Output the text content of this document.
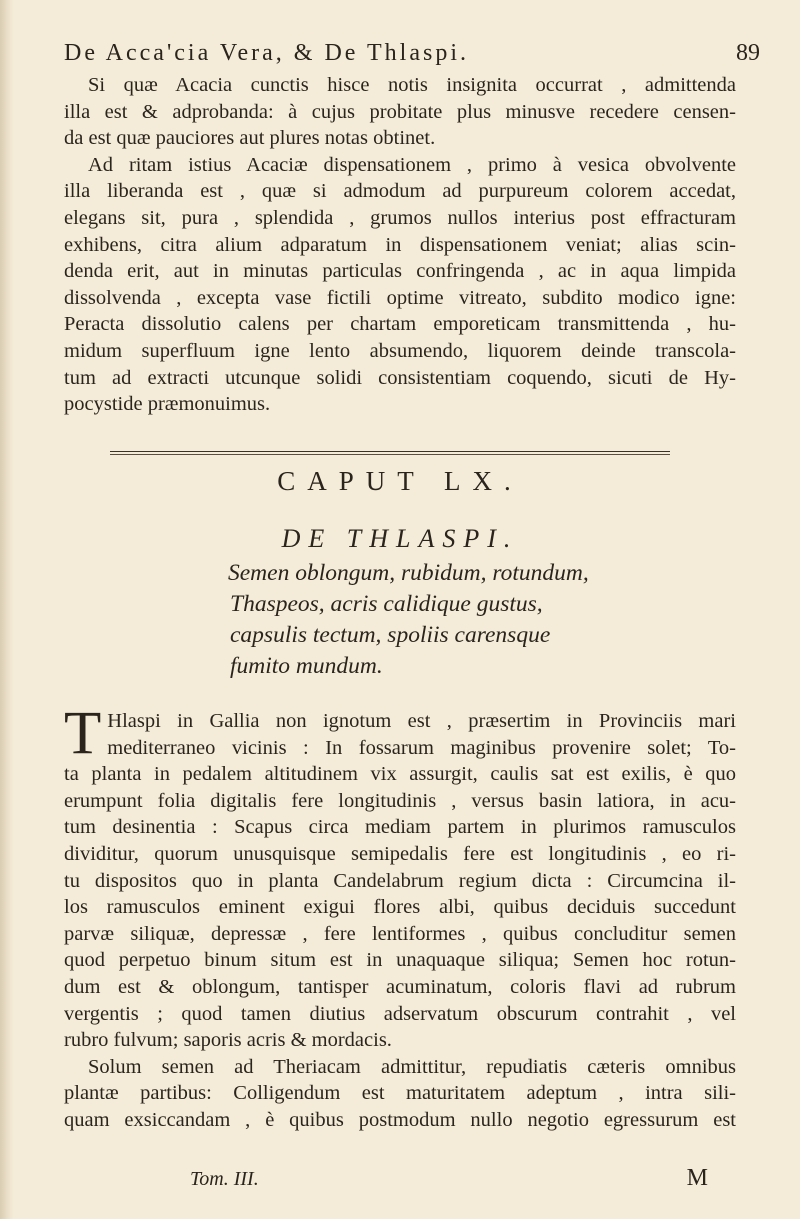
De Acca'cia Vera, & De Thlaspi.	89

Si quæ Acacia cunctis hisce notis insignita occurrat , admittenda

illa est & adprobanda: à cujus probitate plus minusve recedere censen-

da est quæ pauciores aut plures notas obtinet.

Ad ritam istius Acaciæ dispensationem , primo à vesica obvolvente

illa liberanda est , quæ si admodum ad purpureum colorem accedat,

elegans sit, pura , splendida , grumos nullos interius post effracturam

exhibens, citra alium adparatum in dispensationem veniat; alias scin-

denda erit, aut in minutas particulas confringenda , ac in aqua limpida

dissolvenda , excepta vase fictili optime vitreato, subdito modico igne:

Peracta dissolutio calens per chartam emporeticam transmittenda , hu-

midum superfluum igne lento absumendo, liquorem deinde transcola-

tum ad extracti utcunque solidi consistentiam coquendo, sicuti de Hy-

pocystide præmonuimus.

CAPUT LX.
DE THLASPI.
Semen oblongum, rubidum, rotundum,
Thaspeos, acris calidique gustus,
capsulis tectum, spoliis carensque
fumito mundum.
T Hlaspi in Gallia non ignotum est , præsertim in Provinciis mari

mediterraneo vicinis : In fossarum maginibus provenire solet; To-

ta planta in pedalem altitudinem vix assurgit, caulis sat est exilis, è quo

erumpunt folia digitalis fere longitudinis , versus basin latiora, in acu-

tum desinentia : Scapus circa mediam partem in plurimos ramusculos

dividitur, quorum unusquisque semipedalis fere est longitudinis , eo ri-

tu dispositos quo in planta Candelabrum regium dicta : Circumcina il-

los ramusculos eminent exigui flores albi, quibus deciduis succedunt

parvæ siliquæ, depressæ , fere lentiformes , quibus concluditur semen

quod perpetuo binum situm est in unaquaque siliqua; Semen hoc rotun-

dum est & oblongum, tantisper acuminatum, coloris flavi ad rubrum

vergentis ; quod tamen diutius adservatum obscurum contrahit , vel

rubro fulvum; saporis acris & mordacis.

Solum semen ad Theriacam admittitur, repudiatis cæteris omnibus

plantæ partibus: Colligendum est maturitatem adeptum , intra sili-

quam exsiccandam , è quibus postmodum nullo negotio egressurum est

Tom. III.	M
